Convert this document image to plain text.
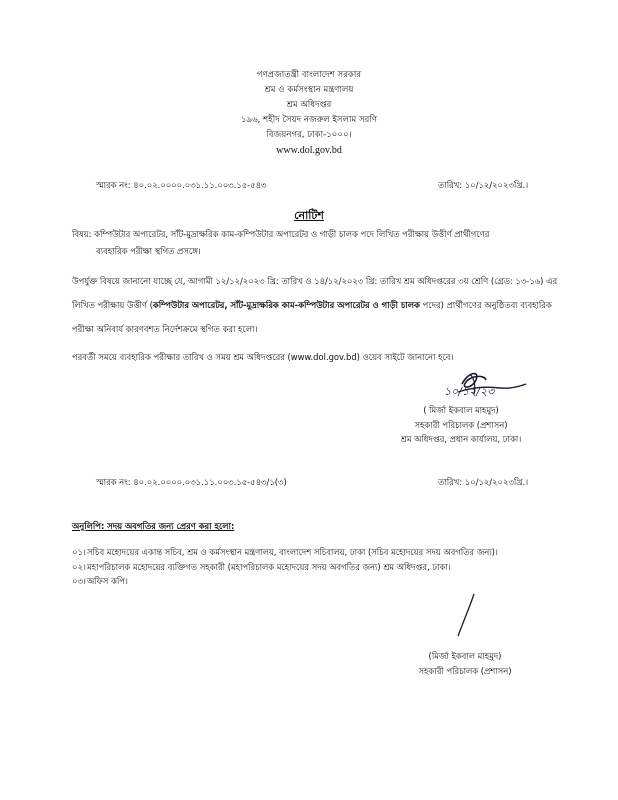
গণপ্রজাতন্ত্রী বাংলাদেশ সরকার
শ্রম ও কর্মসংস্থান মন্ত্রণালয়
শ্রম অধিদপ্তর
১৯৬, শহীদ সৈয়দ নজরুল ইসলাম সরণি
বিজয়নগর, ঢাকা-১০০০।
www.dol.gov.bd
স্মারক নং: ৪০.০২.০০০০.০৩১.১১.০০৩.১৫-৫৪৩	তারিখ: ১০/১২/২০২৩খ্রি.।
নোটিশ
বিষয়: কম্পিউটার অপারেটর, সাঁট-মুদ্রাক্ষরিক কাম-কম্পিউটার অপারেটর ও গাড়ী চালক পদে লিখিত পরীক্ষায় উত্তীর্ণ প্রার্থীগণের
ব্যবহারিক পরীক্ষা স্থগিত প্রসঙ্গে।
উপর্যুক্ত বিষয়ে জানানো যাচ্ছে যে, আগামী ১২/১২/২০২৩ খ্রি: তারিখ ও ১৪/১২/২০২৩ খ্রি: তারিখ শ্রম অধিদপ্তরের ৩য় শ্রেণি (গ্রেড: ১৩-১৬) এর লিখিত পরীক্ষায় উত্তীর্ণ (কম্পিউটার অপারেটর, সাঁট-মুদ্রাক্ষরিক কাম-কম্পিউটার অপারেটর ও গাড়ী চালক পদের) প্রার্থীগণের অনুষ্ঠিতব্য ব্যবহারিক পরীক্ষা অনিবার্য কারণবশত নির্দেশক্রমে স্থগিত করা হলো।
পরবর্তী সময়ে ব্যবহারিক পরীক্ষার তারিখ ও সময় শ্রম অধিদপ্তরের (www.dol.gov.bd) ওয়েব সাইটে জানানো হবে।
১০/১২/২৩
( মির্জা ইকবাল মাহমুদ)
সহকারী পরিচালক (প্রশাসন)
শ্রম অধিদপ্তর, প্রধান কার্যালয়, ঢাকা।
স্মারক নং: ৪০.০২.০০০০.০৩১.১১.০০৩.১৫-৫৪৩/১(৩)	তারিখ: ১০/১২/২০২৩খ্রি.।
অনুলিপি: সদয় অবগতির জন্য প্রেরণ করা হলো:
০১। সচিব মহোদয়ের একান্ত সচিব, শ্রম ও কর্মসংস্থান মন্ত্রণালয়, বাংলাদেশ সচিবালয়, ঢাকা (সচিব মহোদয়ের সদয় অবগতির জন্য)।
০২। মহাপরিচালক মহোদয়ের ব্যক্তিগত সহকারী (মহাপরিচালক মহোদয়ের সদয় অবগতির জন্য) শ্রম অধিদপ্তর, ঢাকা।
০৩। অফিস কপি।
(মির্জা ইকবাল মাহমুদ)
সহকারী পরিচালক (প্রশাসন)
